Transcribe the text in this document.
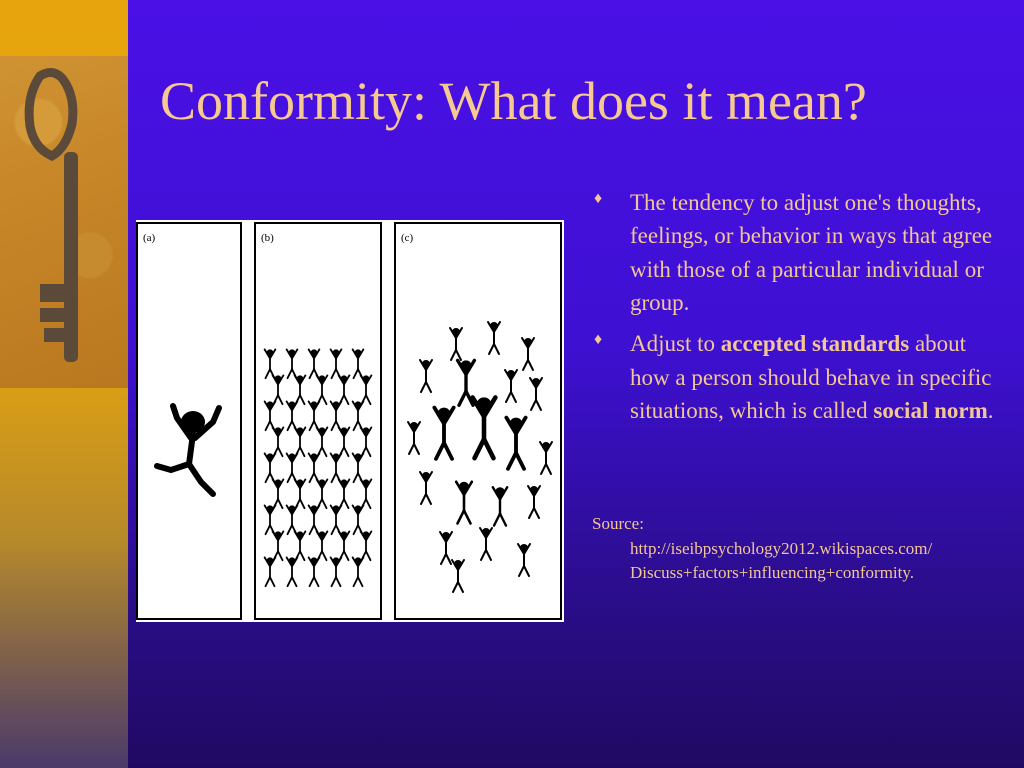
Conformity: What does it mean?
(a)	(b)	(c)
♦ The tendency to adjust one's thoughts, feelings, or behavior in ways that agree with those of a particular individual or group.
♦ Adjust to accepted standards about how a person should behave in specific situations, which is called social norm.
Source:
http://iseibpsychology2012.wikispaces.com/
Discuss+factors+influencing+conformity.
